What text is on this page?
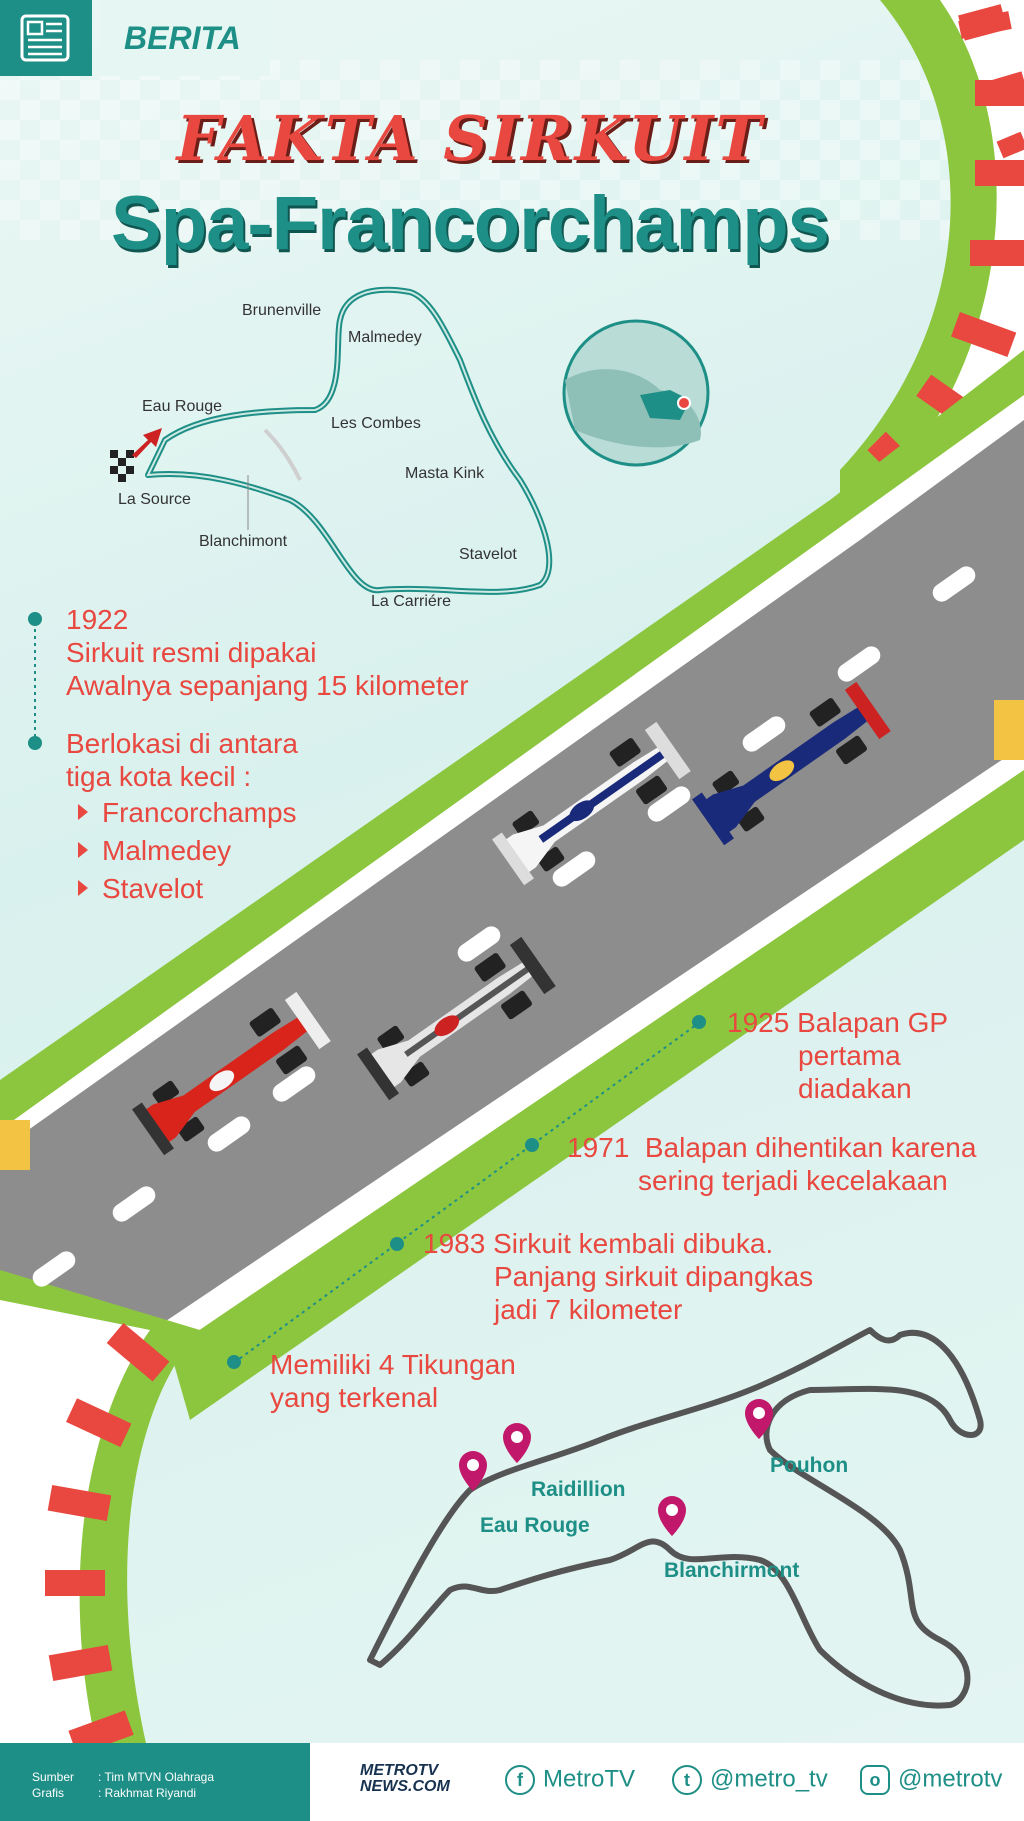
BERITA
FAKTA SIRKUIT
Spa-Francorchamps
Brunenville
Malmedey
Eau Rouge
Les Combes
Masta Kink
La Source
Blanchimont
Stavelot
La Carriére
1922
Sirkuit resmi dipakai
Awalnya sepanjang 15 kilometer
Berlokasi di antara
tiga kota kecil :
Francorchamps
Malmedey
Stavelot
1925 Balapan GP
pertama
diadakan
1971 Balapan dihentikan karena
sering terjadi kecelakaan
1983 Sirkuit kembali dibuka.
Panjang sirkuit dipangkas
jadi 7 kilometer
Memiliki 4 Tikungan
yang terkenal
Raidillion
Eau Rouge
Blanchirmont
Pouhon
Sumber : Tim MTVN Olahraga
Grafis	: Rakhmat Riyandi
METROTV
NEWS.COM	f MetroTV	t @metro_tv	o @metrotv
